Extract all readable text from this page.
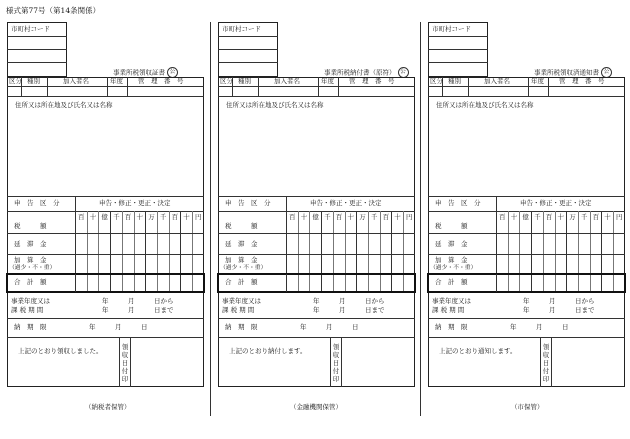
様式第77号（第14条関係）
市町村コード
事業所税領収証書 公
区分 種別	加入者名	年度 管　理　番　号
住所又は所在地及び氏名又は名称
申　告　区　分	申告・修正・更正・決定
百 十 億 千 百 十 万 千 百 十 円
税　　　額
延　滞　金
加　算　金
（過少・不・重）
合　計　額
事業年度又は
課 税 期 間
年　　　月　　　日から
年　　　月　　　日まで
納　期　限	年　　　月　　　日
上記のとおり領収しました。	領収日付印
（納税者保管）
市町村コード
事業所税納付書（原符） 公
区分 種別	加入者名	年度 管　理　番　号
住所又は所在地及び氏名又は名称
申　告　区　分	申告・修正・更正・決定
百 十 億 千 百 十 万 千 百 十 円
税　　　額
延　滞　金
加　算　金
（過少・不・重）
合　計　額
事業年度又は
課 税 期 間
年　　　月　　　日から
年　　　月　　　日まで
納　期　限	年　　　月　　　日
上記のとおり納付します。	領収日付印
（金融機関保管）
市町村コード
事業所税領収済通知書 公
区分 種別	加入者名	年度 管　理　番　号
住所又は所在地及び氏名又は名称
申　告　区　分	申告・修正・更正・決定
百 十 億 千 百 十 万 千 百 十 円
税　　　額
延　滞　金
加　算　金
（過少・不・重）
合　計　額
事業年度又は
課 税 期 間
年　　　月　　　日から
年　　　月　　　日まで
納　期　限	年　　　月　　　日
上記のとおり通知します。	領収日付印
（市保管）
